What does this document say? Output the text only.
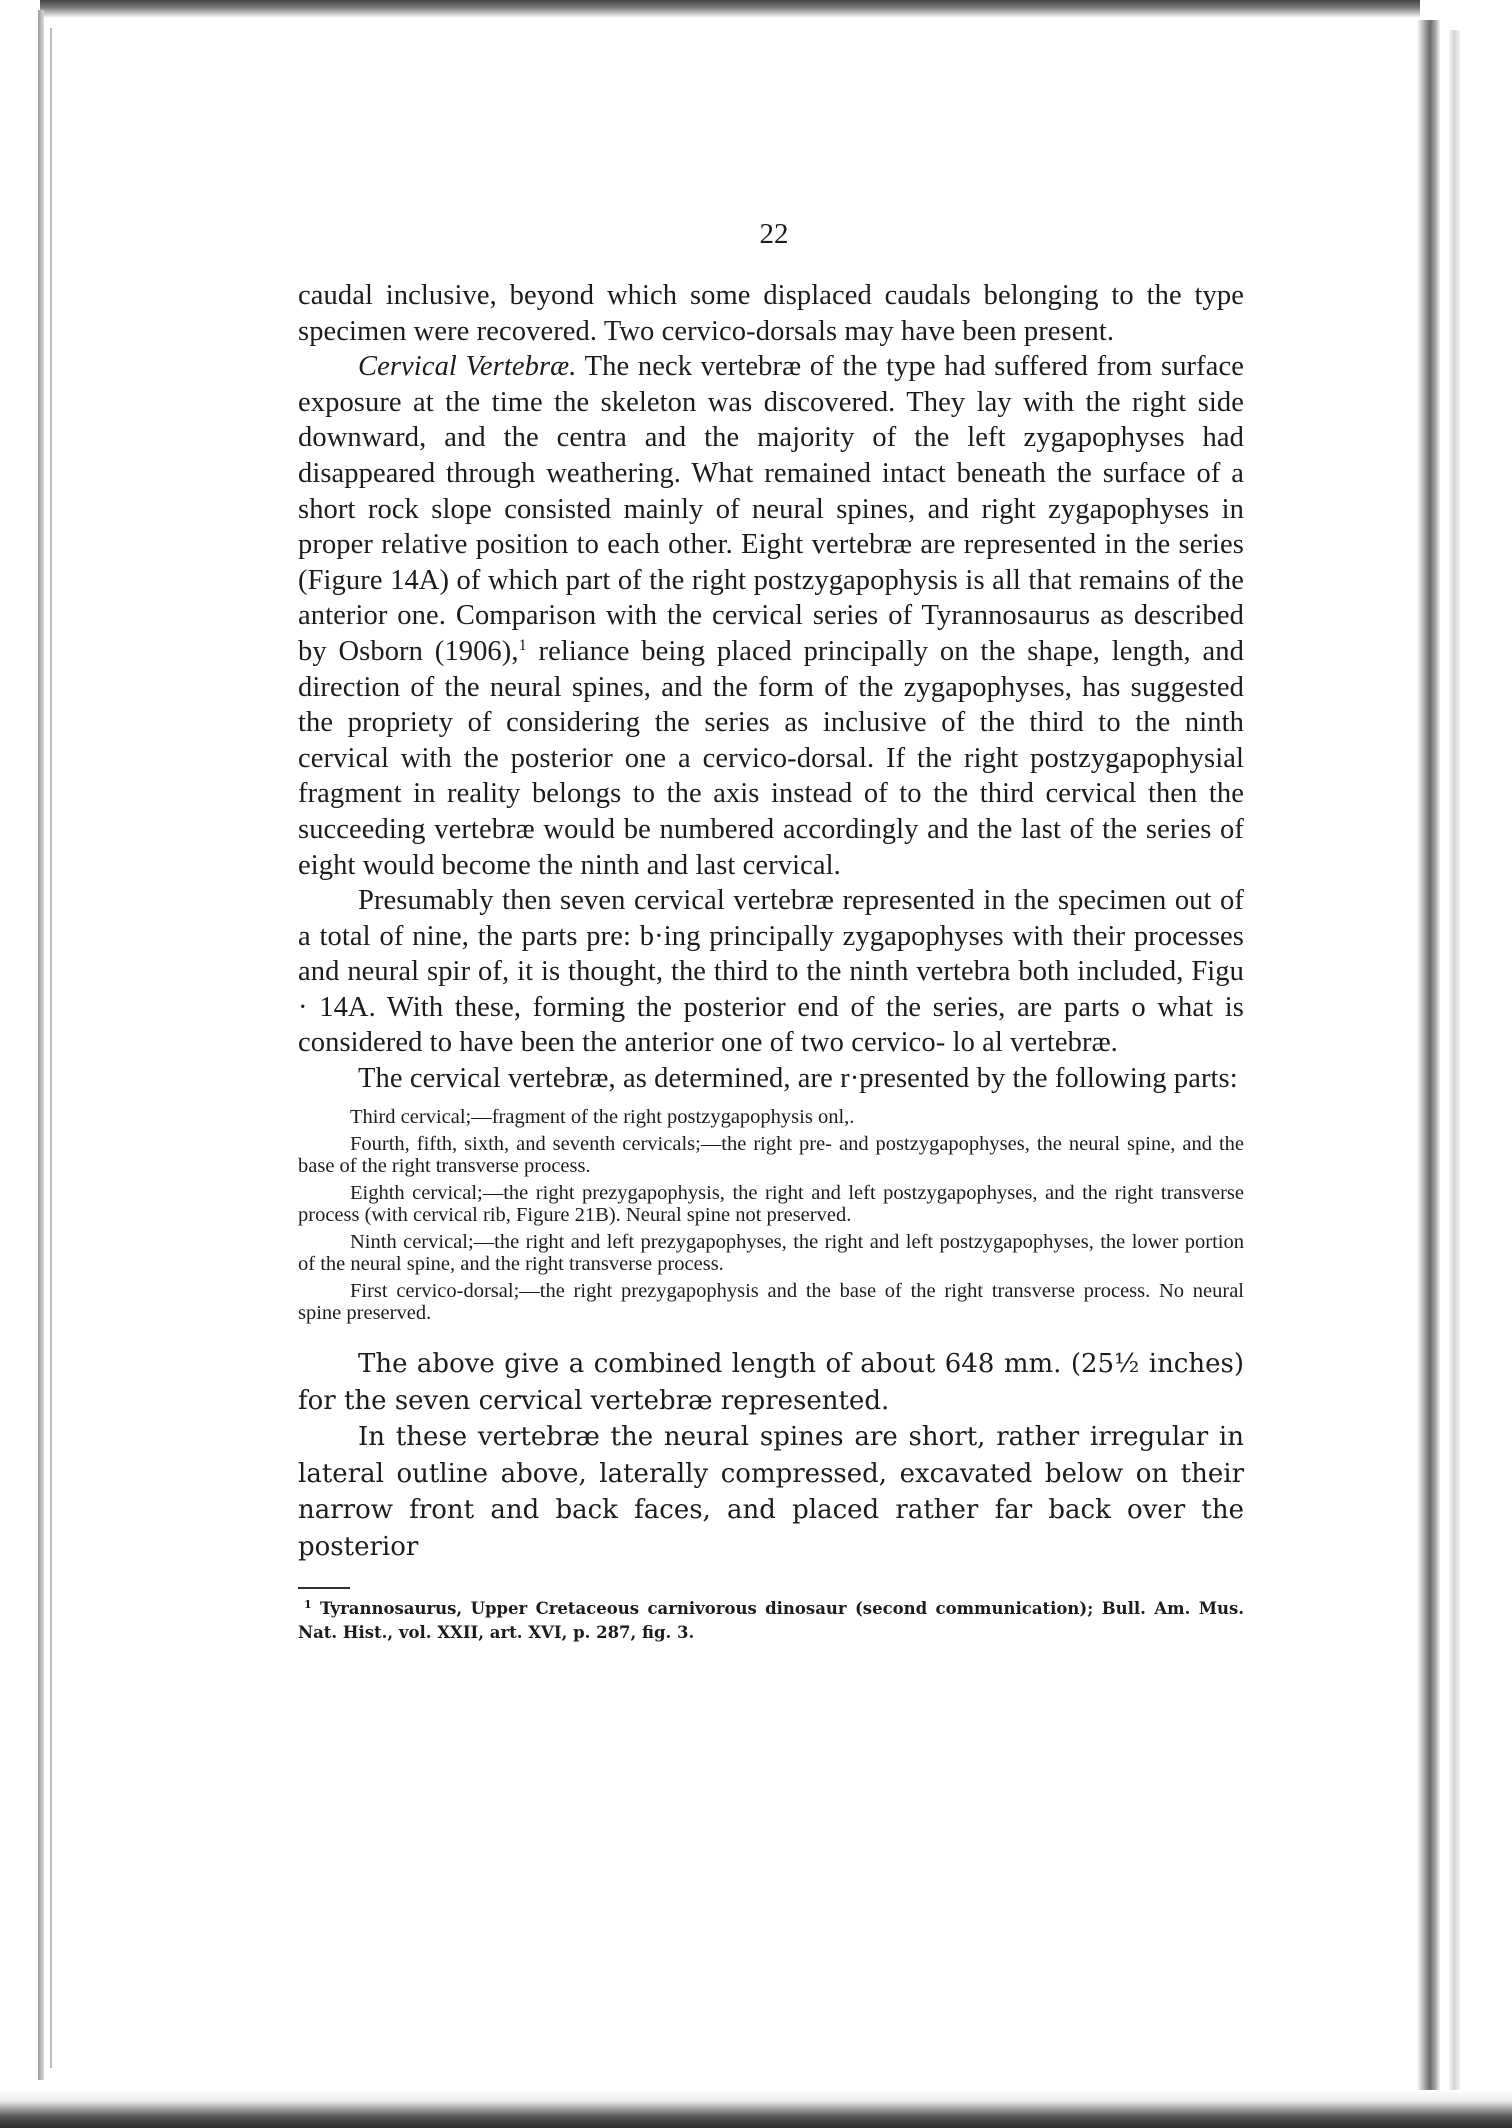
22

caudal inclusive, beyond which some displaced caudals belonging to the type specimen were recovered. Two cervico-dorsals may have been present.

Cervical Vertebræ. The neck vertebræ of the type had suffered from surface exposure at the time the skeleton was discovered. They lay with the right side downward, and the centra and the majority of the left zygapophyses had disappeared through weathering. What remained intact beneath the surface of a short rock slope consisted mainly of neural spines, and right zygapophyses in proper relative position to each other. Eight vertebræ are represented in the series (Figure 14A) of which part of the right postzygapophysis is all that remains of the anterior one. Comparison with the cervical series of Tyrannosaurus as described by Osborn (1906),$^1$ reliance being placed principally on the shape, length, and direction of the neural spines, and the form of the zygapophyses, has suggested the propriety of considering the series as inclusive of the third to the ninth cervical with the posterior one a cervico-dorsal. If the right postzygapophysial fragment in reality belongs to the axis instead of to the third cervical then the succeeding vertebræ would be numbered accordingly and the last of the series of eight would become the ninth and last cervical.

Presumably then seven cervical vertebræ represented in the specimen out of a total of nine, the parts pre: b·ing principally zygapophyses with their processes and neural spir of, it is thought, the third to the ninth vertebra both included, Figu · 14A. With these, forming the posterior end of the series, are parts o what is considered to have been the anterior one of two cervico- lo al vertebræ.

The cervical vertebræ, as determined, are r·presented by the following parts:

Third cervical;—fragment of the right postzygapophysis onl,.

Fourth, fifth, sixth, and seventh cervicals;—the right pre- and postzygapophyses, the neural spine, and the base of the right transverse process.

Eighth cervical;—the right prezygapophysis, the right and left postzygapophyses, and the right transverse process (with cervical rib, Figure 21B). Neural spine not preserved.

Ninth cervical;—the right and left prezygapophyses, the right and left postzygapophyses, the lower portion of the neural spine, and the right transverse process.

First cervico-dorsal;—the right prezygapophysis and the base of the right transverse process. No neural spine preserved.

The above give a combined length of about 648 mm. (25½ inches) for the seven cervical vertebræ represented.

In these vertebræ the neural spines are short, rather irregular in lateral outline above, laterally compressed, excavated below on their narrow front and back faces, and placed rather far back over the posterior

$^1$ Tyrannosaurus, Upper Cretaceous carnivorous dinosaur (second communication); Bull. Am. Mus. Nat. Hist., vol. XXII, art. XVI, p. 287, fig. 3.
